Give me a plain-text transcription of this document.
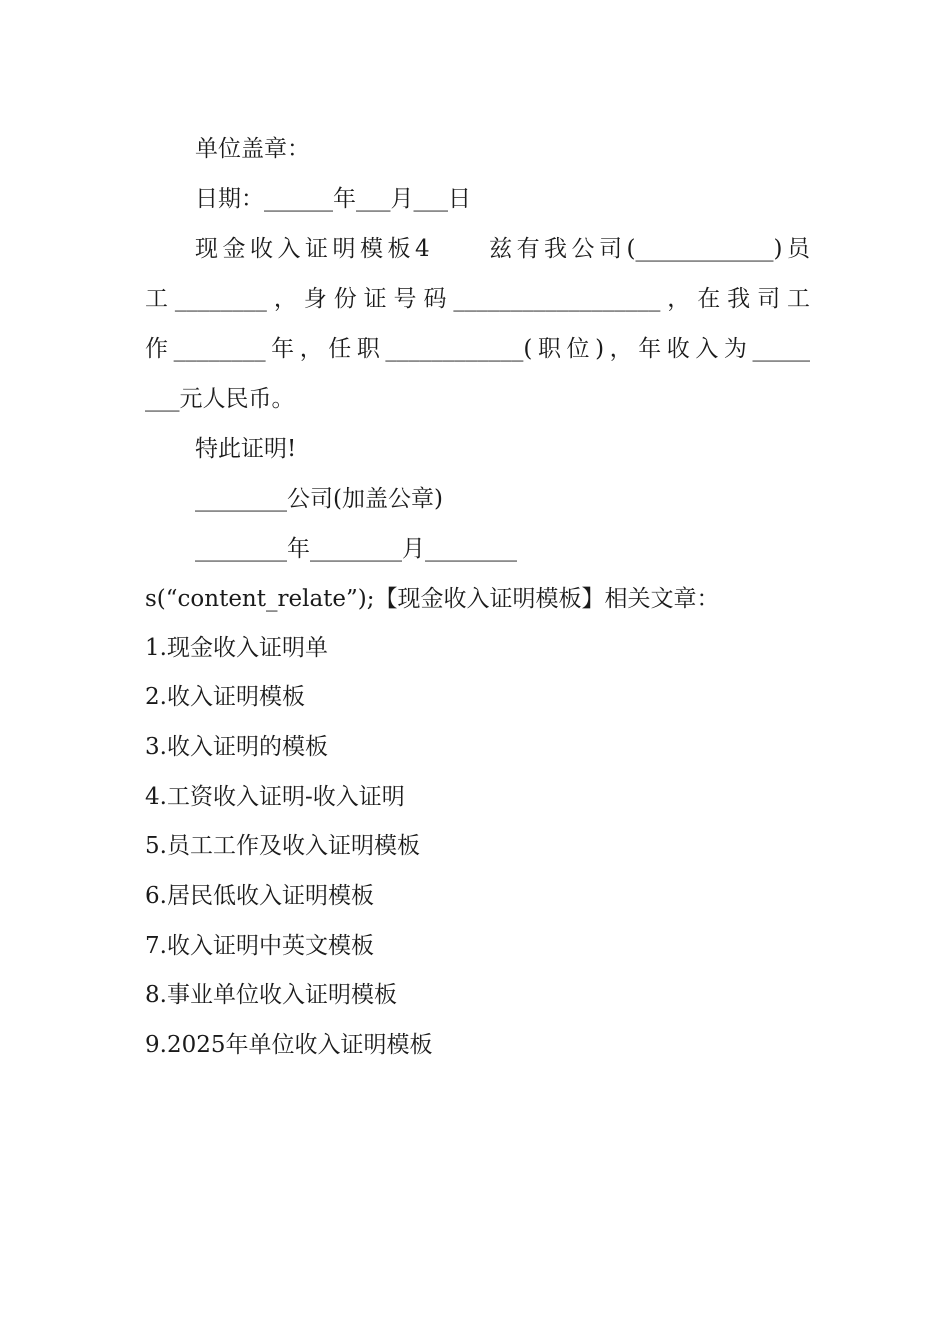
单位盖章：
日期：______年___月___日
现金收入证明模板4　　兹有我公司(____________)员
工________，身份证号码__________________，在我司工
作________年，任职____________(职位)，年收入为_____
___元人民币。
特此证明!
________公司(加盖公章)
________年________月________
s(“content_relate”);【现金收入证明模板】相关文章：
1.现金收入证明单
2.收入证明模板
3.收入证明的模板
4.工资收入证明-收入证明
5.员工工作及收入证明模板
6.居民低收入证明模板
7.收入证明中英文模板
8.事业单位收入证明模板
9.2025年单位收入证明模板
